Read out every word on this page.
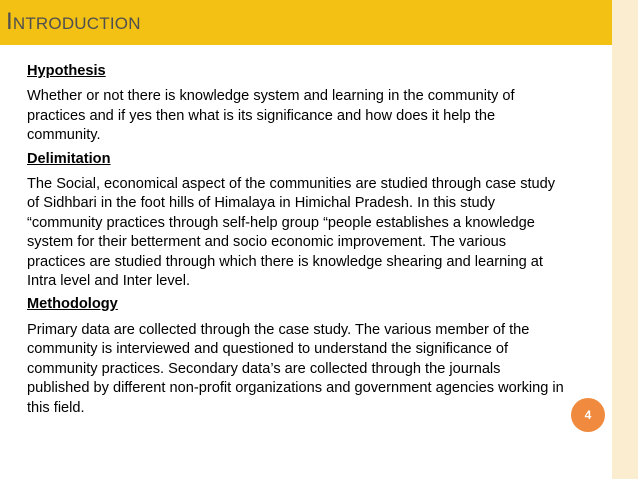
Introduction
Hypothesis
Whether or not there is knowledge system and learning in the community of
practices and if yes then what is its significance and how does it help the
community.
Delimitation
The Social, economical aspect of the communities are studied through case study
of Sidhbari in the foot hills of Himalaya in Himichal Pradesh. In this study
“community practices through self-help group “people establishes a knowledge
system for their betterment and socio economic improvement. The various
practices are studied through which there is knowledge shearing and learning at
Intra level and Inter level.
Methodology
Primary data are collected through the case study. The various member of the
community is interviewed and questioned to understand the significance of
community practices. Secondary data’s are collected through the journals
published by different non-profit organizations and government agencies working in
this field.	4
